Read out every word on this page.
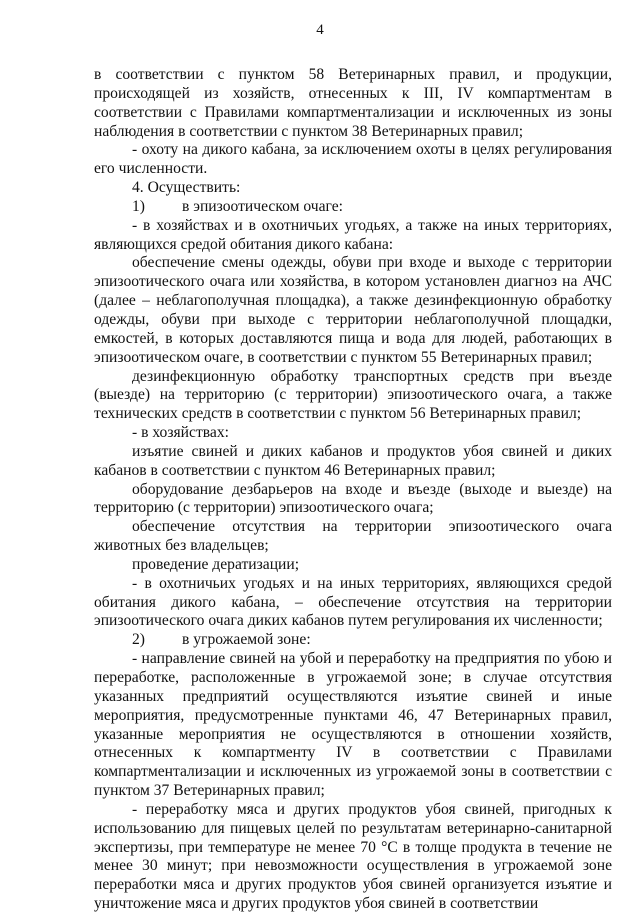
4

в соответствии с пунктом 58 Ветеринарных правил, и продукции, происходящей из хозяйств, отнесенных к III, IV компартментам в соответствии с Правилами компартментализации и исключенных из зоны наблюдения в соответствии с пунктом 38 Ветеринарных правил;

- охоту на дикого кабана, за исключением охоты в целях регулирования его численности.

4. Осуществить:

1) в эпизоотическом очаге:

- в хозяйствах и в охотничьих угодьях, а также на иных территориях, являющихся средой обитания дикого кабана:

обеспечение смены одежды, обуви при входе и выходе с территории эпизоотического очага или хозяйства, в котором установлен диагноз на АЧС (далее – неблагополучная площадка), а также дезинфекционную обработку одежды, обуви при выходе с территории неблагополучной площадки, емкостей, в которых доставляются пища и вода для людей, работающих в эпизоотическом очаге, в соответствии с пунктом 55 Ветеринарных правил;

дезинфекционную обработку транспортных средств при въезде (выезде) на территорию (с территории) эпизоотического очага, а также технических средств в соответствии с пунктом 56 Ветеринарных правил;

- в хозяйствах:

изъятие свиней и диких кабанов и продуктов убоя свиней и диких кабанов в соответствии с пунктом 46 Ветеринарных правил;

оборудование дезбарьеров на входе и въезде (выходе и выезде) на территорию (с территории) эпизоотического очага;

обеспечение отсутствия на территории эпизоотического очага животных без владельцев;

проведение дератизации;

- в охотничьих угодьях и на иных территориях, являющихся средой обитания дикого кабана, – обеспечение отсутствия на территории эпизоотического очага диких кабанов путем регулирования их численности;

2) в угрожаемой зоне:

- направление свиней на убой и переработку на предприятия по убою и переработке, расположенные в угрожаемой зоне; в случае отсутствия указанных предприятий осуществляются изъятие свиней и иные мероприятия, предусмотренные пунктами 46, 47 Ветеринарных правил, указанные мероприятия не осуществляются в отношении хозяйств, отнесенных к компартменту IV в соответствии с Правилами компартментализации и исключенных из угрожаемой зоны в соответствии с пунктом 37 Ветеринарных правил;

- переработку мяса и других продуктов убоя свиней, пригодных к использованию для пищевых целей по результатам ветеринарно-санитарной экспертизы, при температуре не менее 70 °С в толще продукта в течение не менее 30 минут; при невозможности осуществления в угрожаемой зоне переработки мяса и других продуктов убоя свиней организуется изъятие и уничтожение мяса и других продуктов убоя свиней в соответствии
